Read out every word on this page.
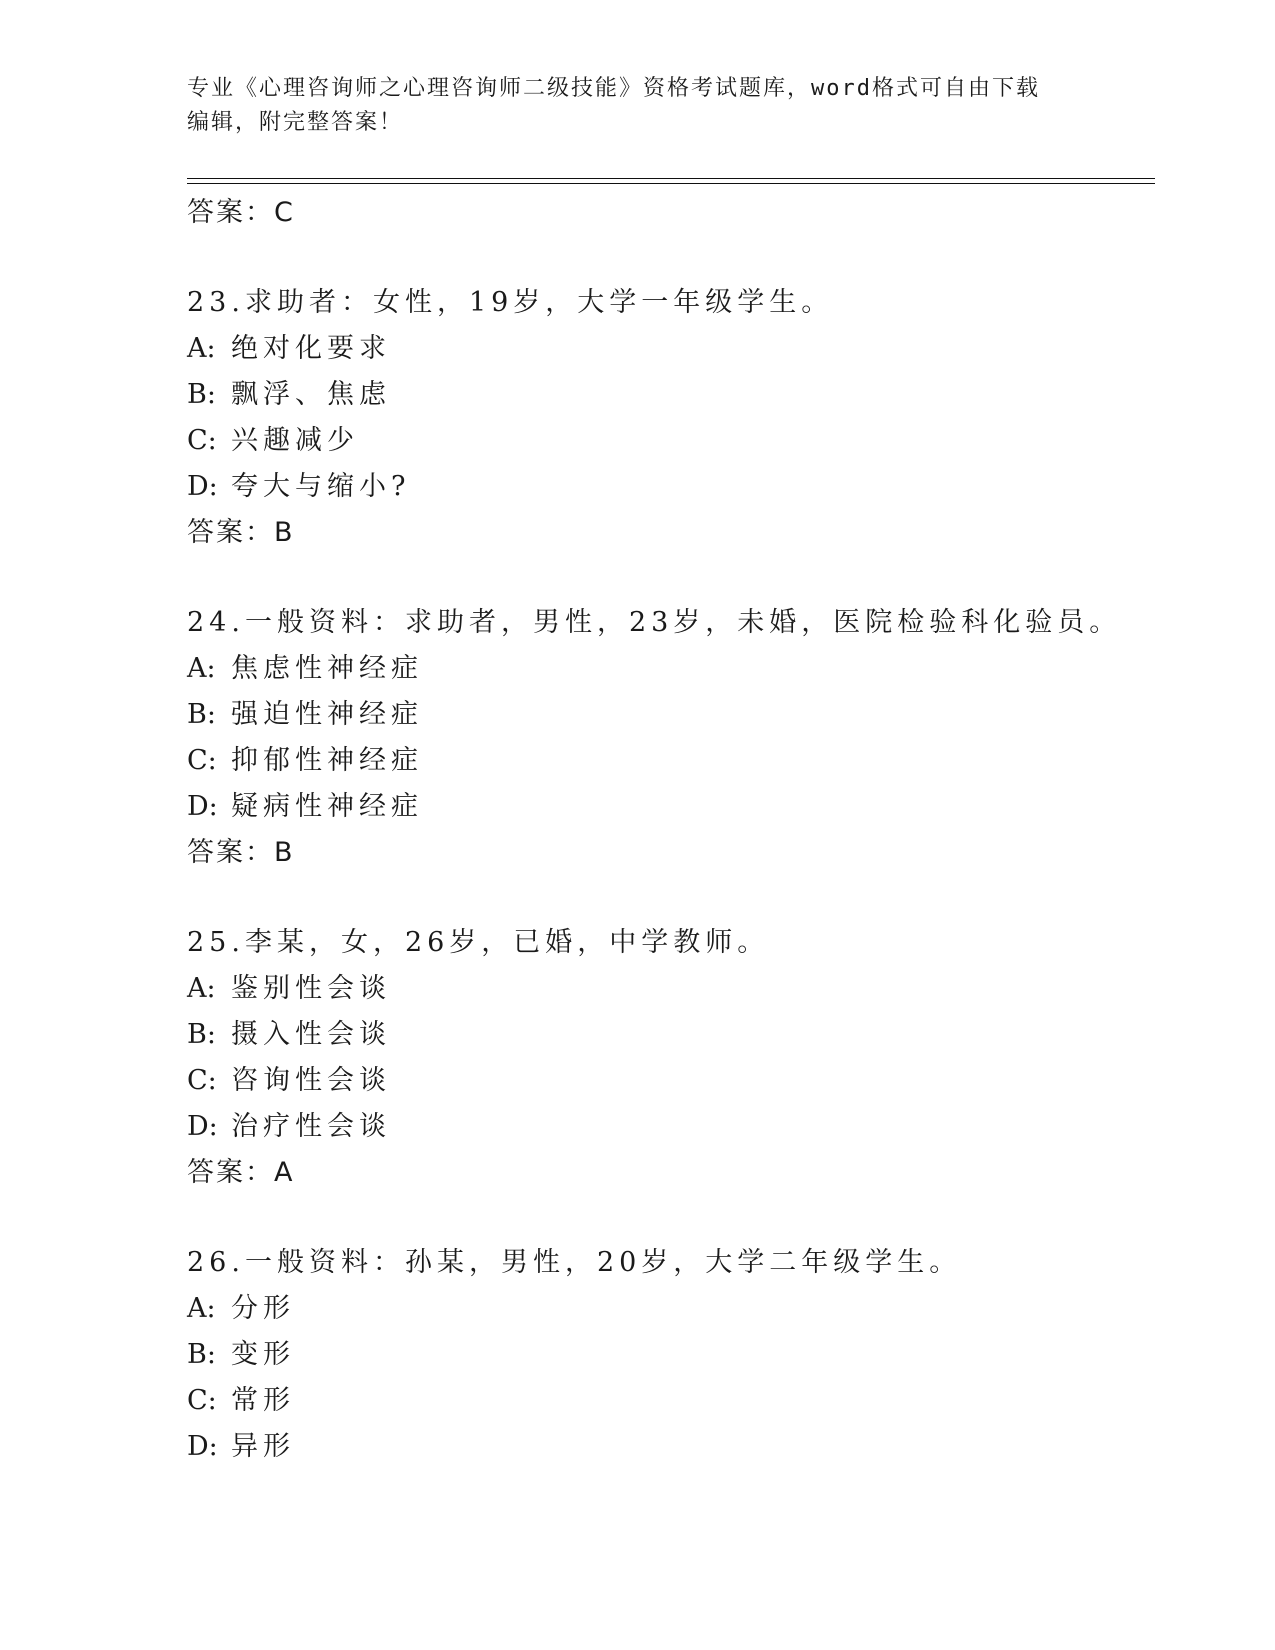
专业《心理咨询师之心理咨询师二级技能》资格考试题库，word格式可自由下载
编辑，附完整答案！
答案：C
23.求助者：女性，19岁，大学一年级学生。
A: 绝对化要求
B: 飘浮、焦虑
C: 兴趣减少
D: 夸大与缩小?
答案：B
24.一般资料：求助者，男性，23岁，未婚，医院检验科化验员。
A: 焦虑性神经症
B: 强迫性神经症
C: 抑郁性神经症
D: 疑病性神经症
答案：B
25.李某，女，26岁，已婚，中学教师。
A: 鉴别性会谈
B: 摄入性会谈
C: 咨询性会谈
D: 治疗性会谈
答案：A
26.一般资料：孙某，男性，20岁，大学二年级学生。
A: 分形
B: 变形
C: 常形
D: 异形
